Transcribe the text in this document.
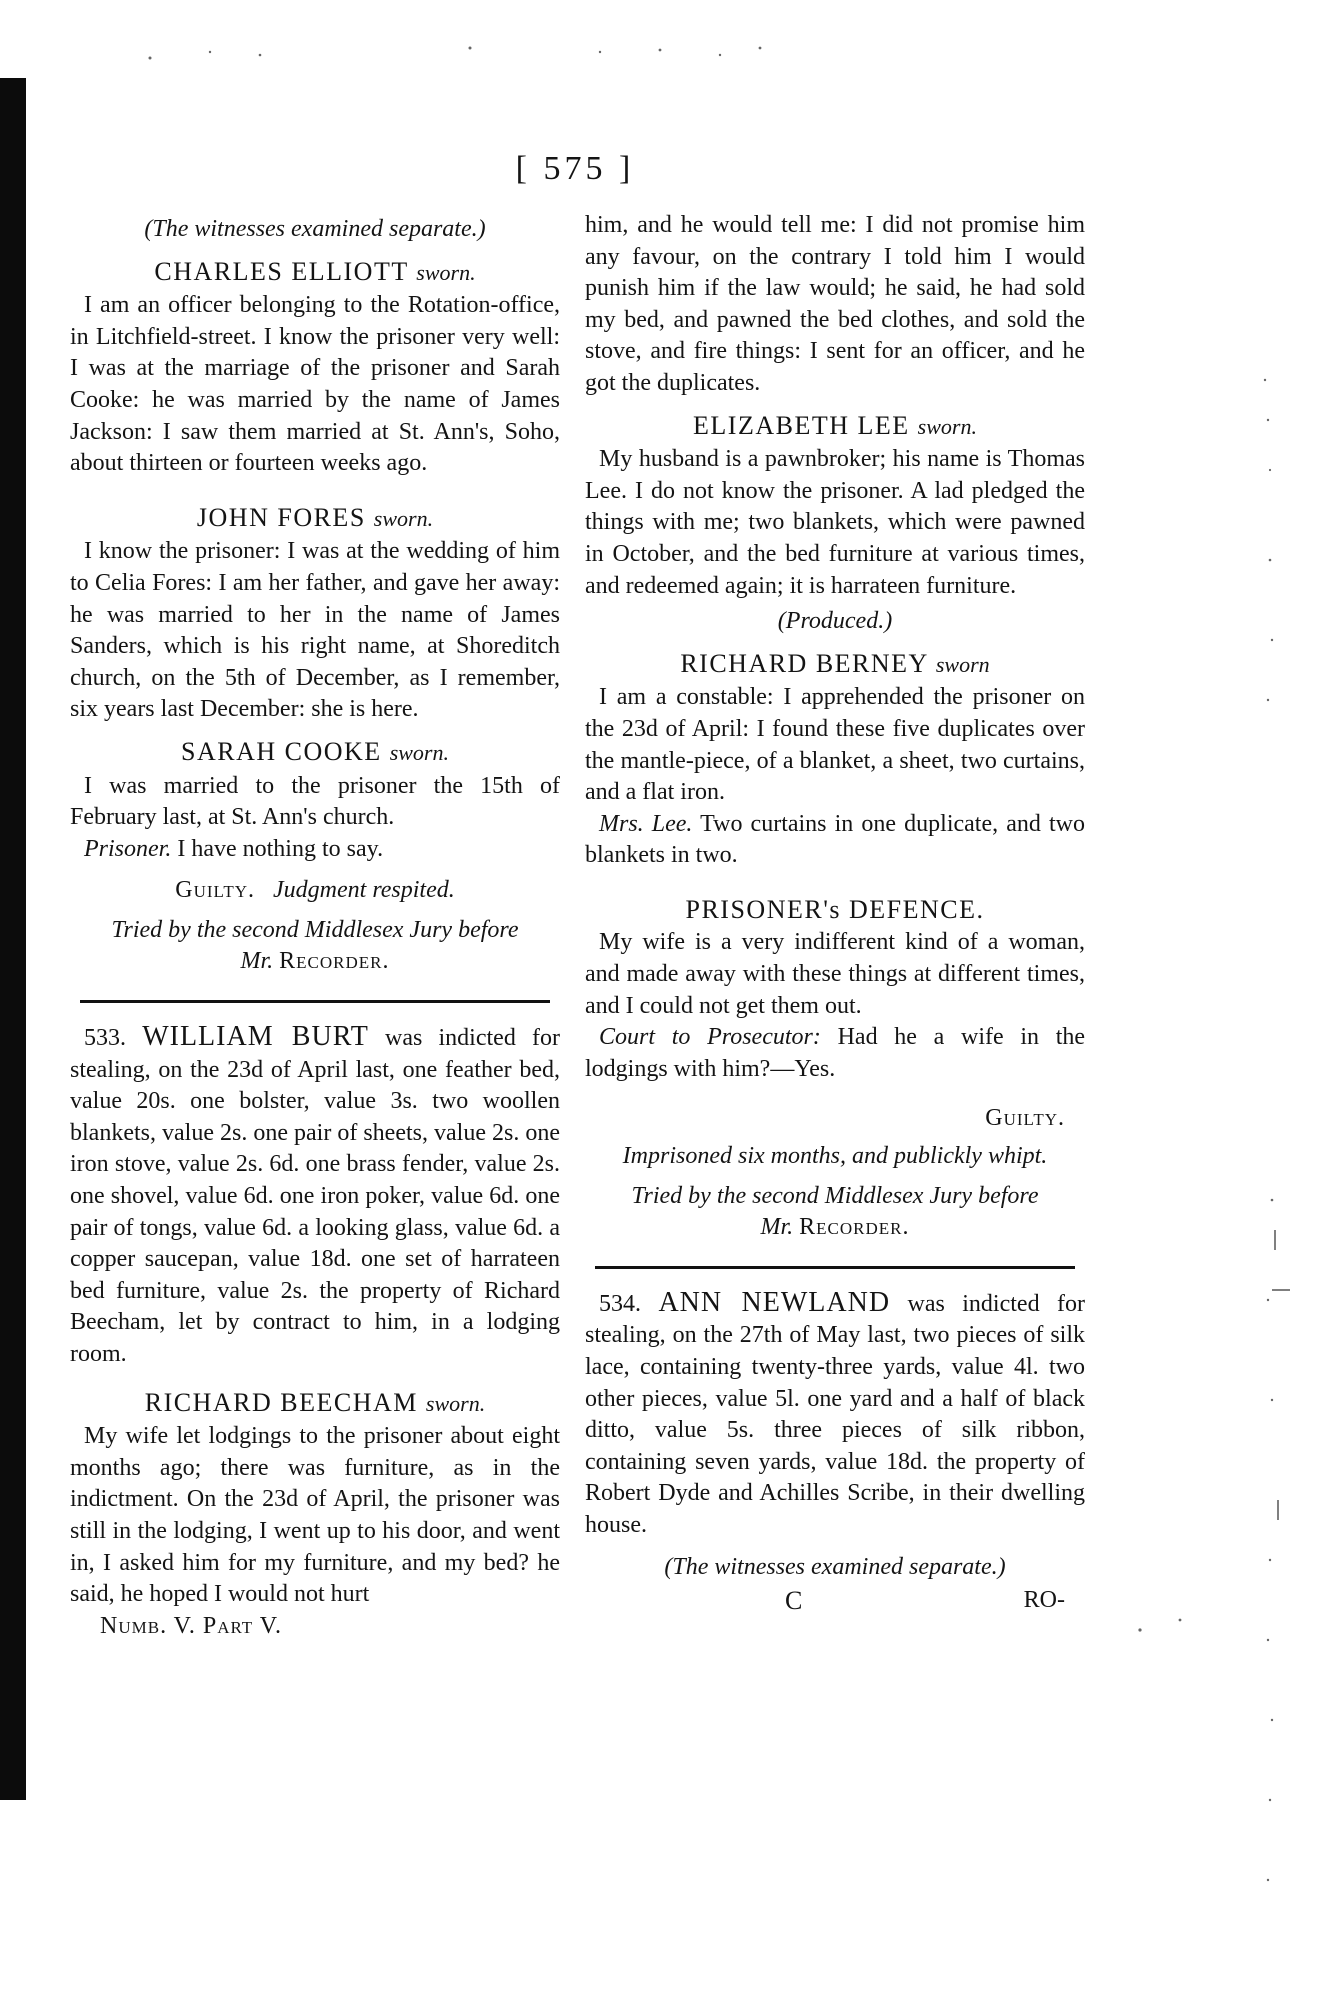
[ 575 ]

(The witnesses examined separate.)

CHARLES ELLIOTT sworn.

I am an officer belonging to the Rotation-office, in Litchfield-street. I know the prisoner very well: I was at the marriage of the prisoner and Sarah Cooke: he was married by the name of James Jackson: I saw them married at St. Ann's, Soho, about thirteen or fourteen weeks ago.

JOHN FORES sworn.

I know the prisoner: I was at the wedding of him to Celia Fores: I am her father, and gave her away: he was married to her in the name of James Sanders, which is his right name, at Shoreditch church, on the 5th of December, as I remember, six years last December: she is here.

SARAH COOKE sworn.

I was married to the prisoner the 15th of February last, at St. Ann's church.

Prisoner. I have nothing to say.

Guilty. Judgment respited.

Tried by the second Middlesex Jury before

Mr. Recorder.

533. WILLIAM BURT was indicted for stealing, on the 23d of April last, one feather bed, value 20s. one bolster, value 3s. two woollen blankets, value 2s. one pair of sheets, value 2s. one iron stove, value 2s. 6d. one brass fender, value 2s. one shovel, value 6d. one iron poker, value 6d. one pair of tongs, value 6d. a looking glass, value 6d. a copper saucepan, value 18d. one set of harrateen bed furniture, value 2s. the property of Richard Beecham, let by contract to him, in a lodging room.

RICHARD BEECHAM sworn.

My wife let lodgings to the prisoner about eight months ago; there was furniture, as in the indictment. On the 23d of April, the prisoner was still in the lodging, I went up to his door, and went in, I asked him for my furniture, and my bed? he said, he hoped I would not hurt

Numb. V. Part V.

him, and he would tell me: I did not promise him any favour, on the contrary I told him I would punish him if the law would; he said, he had sold my bed, and pawned the bed clothes, and sold the stove, and fire things: I sent for an officer, and he got the duplicates.

ELIZABETH LEE sworn.

My husband is a pawnbroker; his name is Thomas Lee. I do not know the prisoner. A lad pledged the things with me; two blankets, which were pawned in October, and the bed furniture at various times, and redeemed again; it is harrateen furniture.

(Produced.)

RICHARD BERNEY sworn

I am a constable: I apprehended the prisoner on the 23d of April: I found these five duplicates over the mantle-piece, of a blanket, a sheet, two curtains, and a flat iron.

Mrs. Lee. Two curtains in one duplicate, and two blankets in two.

PRISONER's DEFENCE.

My wife is a very indifferent kind of a woman, and made away with these things at different times, and I could not get them out.

Court to Prosecutor: Had he a wife in the lodgings with him?—Yes.

Guilty.

Imprisoned six months, and publickly whipt.

Tried by the second Middlesex Jury before

Mr. Recorder.

534. ANN NEWLAND was indicted for stealing, on the 27th of May last, two pieces of silk lace, containing twenty-three yards, value 4l. two other pieces, value 5l. one yard and a half of black ditto, value 5s. three pieces of silk ribbon, containing seven yards, value 18d. the property of Robert Dyde and Achilles Scribe, in their dwelling house.

(The witnesses examined separate.)

C	RO-
